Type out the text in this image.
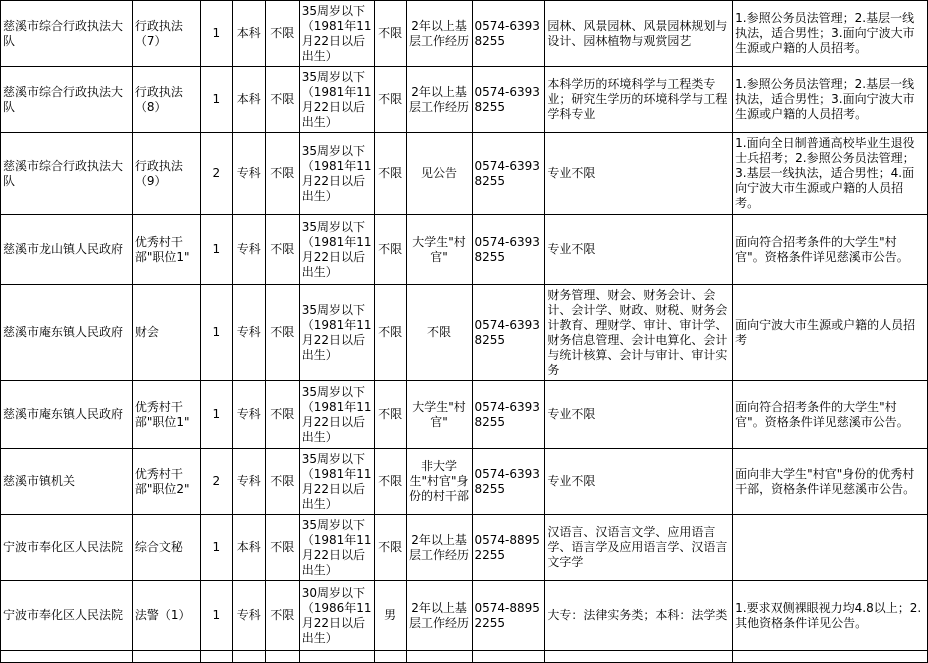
慈溪市综合行政执法大队	行政执法（7）	1	本科	不限	35周岁以下（1981年11月22日以后出生）	不限	2年以上基层工作经历	0574-63938255	园林、风景园林、风景园林规划与设计、园林植物与观赏园艺	1.参照公务员法管理；2.基层一线执法，适合男性；3.面向宁波大市生源或户籍的人员招考。
慈溪市综合行政执法大队	行政执法（8）	1	本科	不限	35周岁以下（1981年11月22日以后出生）	不限	2年以上基层工作经历	0574-63938255	本科学历的环境科学与工程类专业；研究生学历的环境科学与工程学科专业	1.参照公务员法管理；2.基层一线执法，适合男性；3.面向宁波大市生源或户籍的人员招考。
慈溪市综合行政执法大队	行政执法（9）	2	专科	不限	35周岁以下（1981年11月22日以后出生）	不限	见公告	0574-63938255	专业不限	1.面向全日制普通高校毕业生退役士兵招考；2.参照公务员法管理；3.基层一线执法，适合男性；4.面向宁波大市生源或户籍的人员招考。
慈溪市龙山镇人民政府	优秀村干部"职位1"	1	专科	不限	35周岁以下（1981年11月22日以后出生）	不限	大学生"村官"	0574-63938255	专业不限	面向符合招考条件的大学生"村官"。资格条件详见慈溪市公告。
慈溪市庵东镇人民政府	财会	1	专科	不限	35周岁以下（1981年11月22日以后出生）	不限	不限	0574-63938255	财务管理、财会、财务会计、会计、会计学、财政、财税、财务会计教育、理财学、审计、审计学、财务信息管理、会计电算化、会计与统计核算、会计与审计、审计实务	面向宁波大市生源或户籍的人员招考
慈溪市庵东镇人民政府	优秀村干部"职位1"	1	专科	不限	35周岁以下（1981年11月22日以后出生）	不限	大学生"村官"	0574-63938255	专业不限	面向符合招考条件的大学生"村官"。资格条件详见慈溪市公告。
慈溪市镇机关	优秀村干部"职位2"	2	专科	不限	35周岁以下（1981年11月22日以后出生）	不限	非大学生"村官"身份的村干部	0574-63938255	专业不限	面向非大学生"村官"身份的优秀村干部，资格条件详见慈溪市公告。
宁波市奉化区人民法院	综合文秘	1	本科	不限	35周岁以下（1981年11月22日以后出生）	不限	2年以上基层工作经历	0574-88952255	汉语言、汉语言文学、应用语言学、语言学及应用语言学、汉语言文字学	
宁波市奉化区人民法院	法警（1）	1	专科	不限	30周岁以下（1986年11月22日以后出生）	男	2年以上基层工作经历	0574-88952255	大专：法律实务类；本科：法学类	1.要求双侧裸眼视力均4.8以上；2.其他资格条件详见公告。
